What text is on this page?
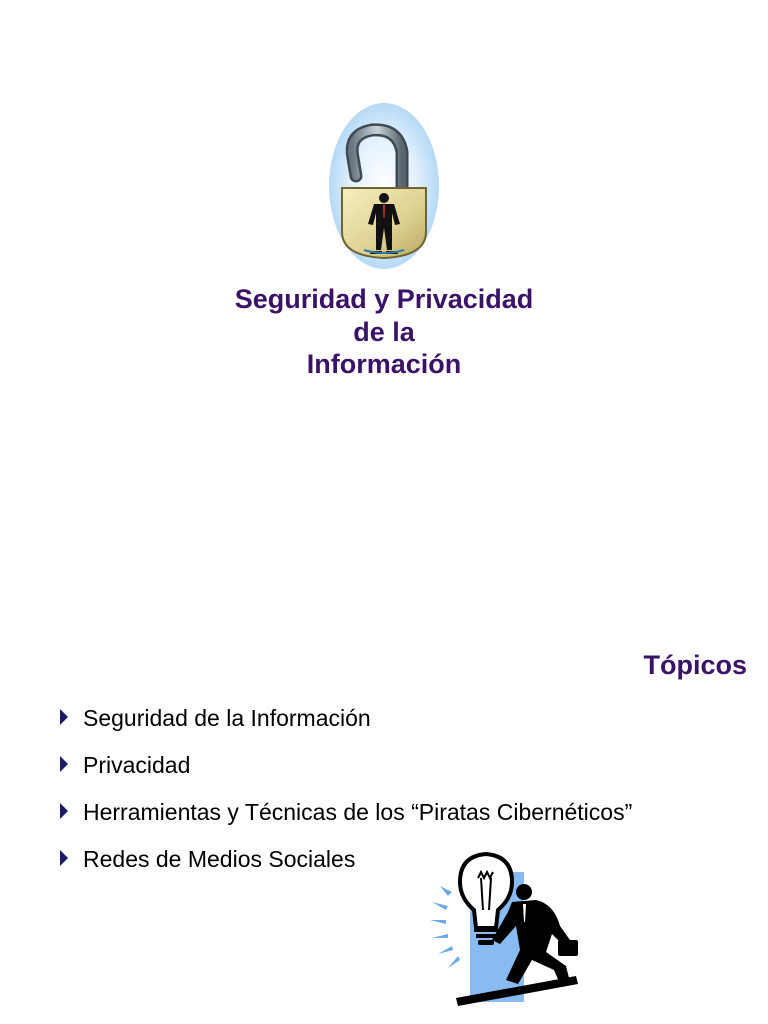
Seguridad y Privacidad
de la
Información
Tópicos
Seguridad de la Información
Privacidad
Herramientas y Técnicas de los “Piratas Cibernéticos”
Redes de Medios Sociales
